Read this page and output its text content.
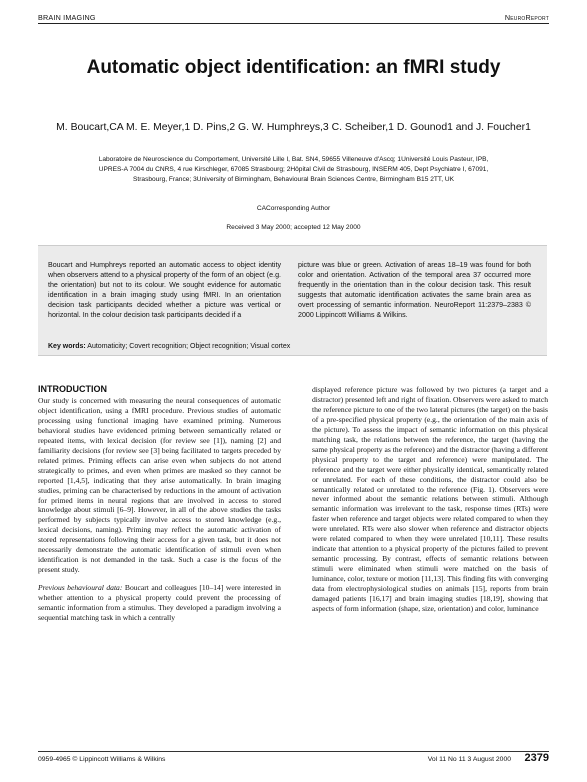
BRAIN IMAGING	NeuroReport
Automatic object identification: an fMRI study
M. Boucart,CA M. E. Meyer,1 D. Pins,2 G. W. Humphreys,3 C. Scheiber,1 D. Gounod1 and J. Foucher1
Laboratoire de Neuroscience du Comportement, Université Lille I, Bat. SN4, 59655 Villeneuve d'Ascq; 1Université Louis Pasteur, IPB, UPRES-A 7004 du CNRS, 4 rue Kirschleger, 67085 Strasbourg; 2Hôpital Civil de Strasbourg, INSERM 405, Dept Psychiatre I, 67091, Strasbourg, France; 3University of Birmingham, Behavioural Brain Sciences Centre, Birmingham B15 2TT, UK
CACorresponding Author
Received 3 May 2000; accepted 12 May 2000
Boucart and Humphreys reported an automatic access to object identity when observers attend to a physical property of the form of an object (e.g. the orientation) but not to its colour. We sought evidence for automatic identification in a brain imaging study using fMRI. In an orientation decision task participants decided whether a picture was vertical or horizontal. In the colour decision task participants decided if a
picture was blue or green. Activation of areas 18–19 was found for both color and orientation. Activation of the temporal area 37 occurred more frequently in the orientation than in the colour decision task. This result suggests that automatic identification activates the same brain area as overt processing of semantic information. NeuroReport 11:2379–2383 © 2000 Lippincott Williams & Wilkins.
Key words: Automaticity; Covert recognition; Object recognition; Visual cortex
INTRODUCTION

Our study is concerned with measuring the neural consequences of automatic object identification, using a fMRI procedure. Previous studies of automatic processing using functional imaging have examined priming. Numerous behavioral studies have evidenced priming between semantically related or repeated items, with lexical decision (for review see [1]), naming [2] and familiarity decisions (for review see [3] being facilitated to targets preceded by related primes. Priming effects can arise even when subjects do not attend strategically to primes, and even when primes are masked so they cannot be reported [1,4,5], indicating that they arise automatically. In brain imaging studies, priming can be characterised by reductions in the amount of activation for primed items in neural regions that are involved in access to stored knowledge about stimuli [6–9]. However, in all of the above studies the tasks performed by subjects typically involve access to stored knowledge (e.g., lexical decisions, naming). Priming may reflect the automatic activation of stored representations following their access for a given task, but it does not necessarily demonstrate the automatic identification of stimuli even when identification is not demanded in the task. Such a case is the focus of the present study.

Previous behavioural data: Boucart and colleagues [10–14] were interested in whether attention to a physical property could prevent the processing of semantic information from a stimulus. They developed a paradigm involving a sequential matching task in which a centrally

displayed reference picture was followed by two pictures (a target and a distractor) presented left and right of fixation. Observers were asked to match the reference picture to one of the two lateral pictures (the target) on the basis of a pre-specified physical property (e.g., the orientation of the main axis of the picture). To assess the impact of semantic information on this physical matching task, the relations between the reference, the target (having the same physical property as the reference) and the distractor (having a different physical property to the target and reference) were manipulated. The reference and the target were either physically identical, semantically related or unrelated. For each of these conditions, the distractor could also be semantically related or unrelated to the reference (Fig. 1). Observers were never informed about the semantic relations between stimuli. Although semantic information was irrelevant to the task, response times (RTs) were faster when reference and target objects were related compared to when they were unrelated. RTs were also slower when reference and distractor objects were related compared to when they were unrelated [10,11]. These results indicate that attention to a physical property of the pictures failed to prevent semantic processing. By contrast, effects of semantic relations between stimuli were eliminated when stimuli were matched on the basis of luminance, color, texture or motion [11,13]. This finding fits with converging data from electrophysiological studies on animals [15], reports from brain damaged patients [16,17] and brain imaging studies [18,19], showing that aspects of form information (shape, size, orientation) and color, luminance

0959-4965 © Lippincott Williams & Wilkins	Vol 11 No 11 3 August 2000 2379
